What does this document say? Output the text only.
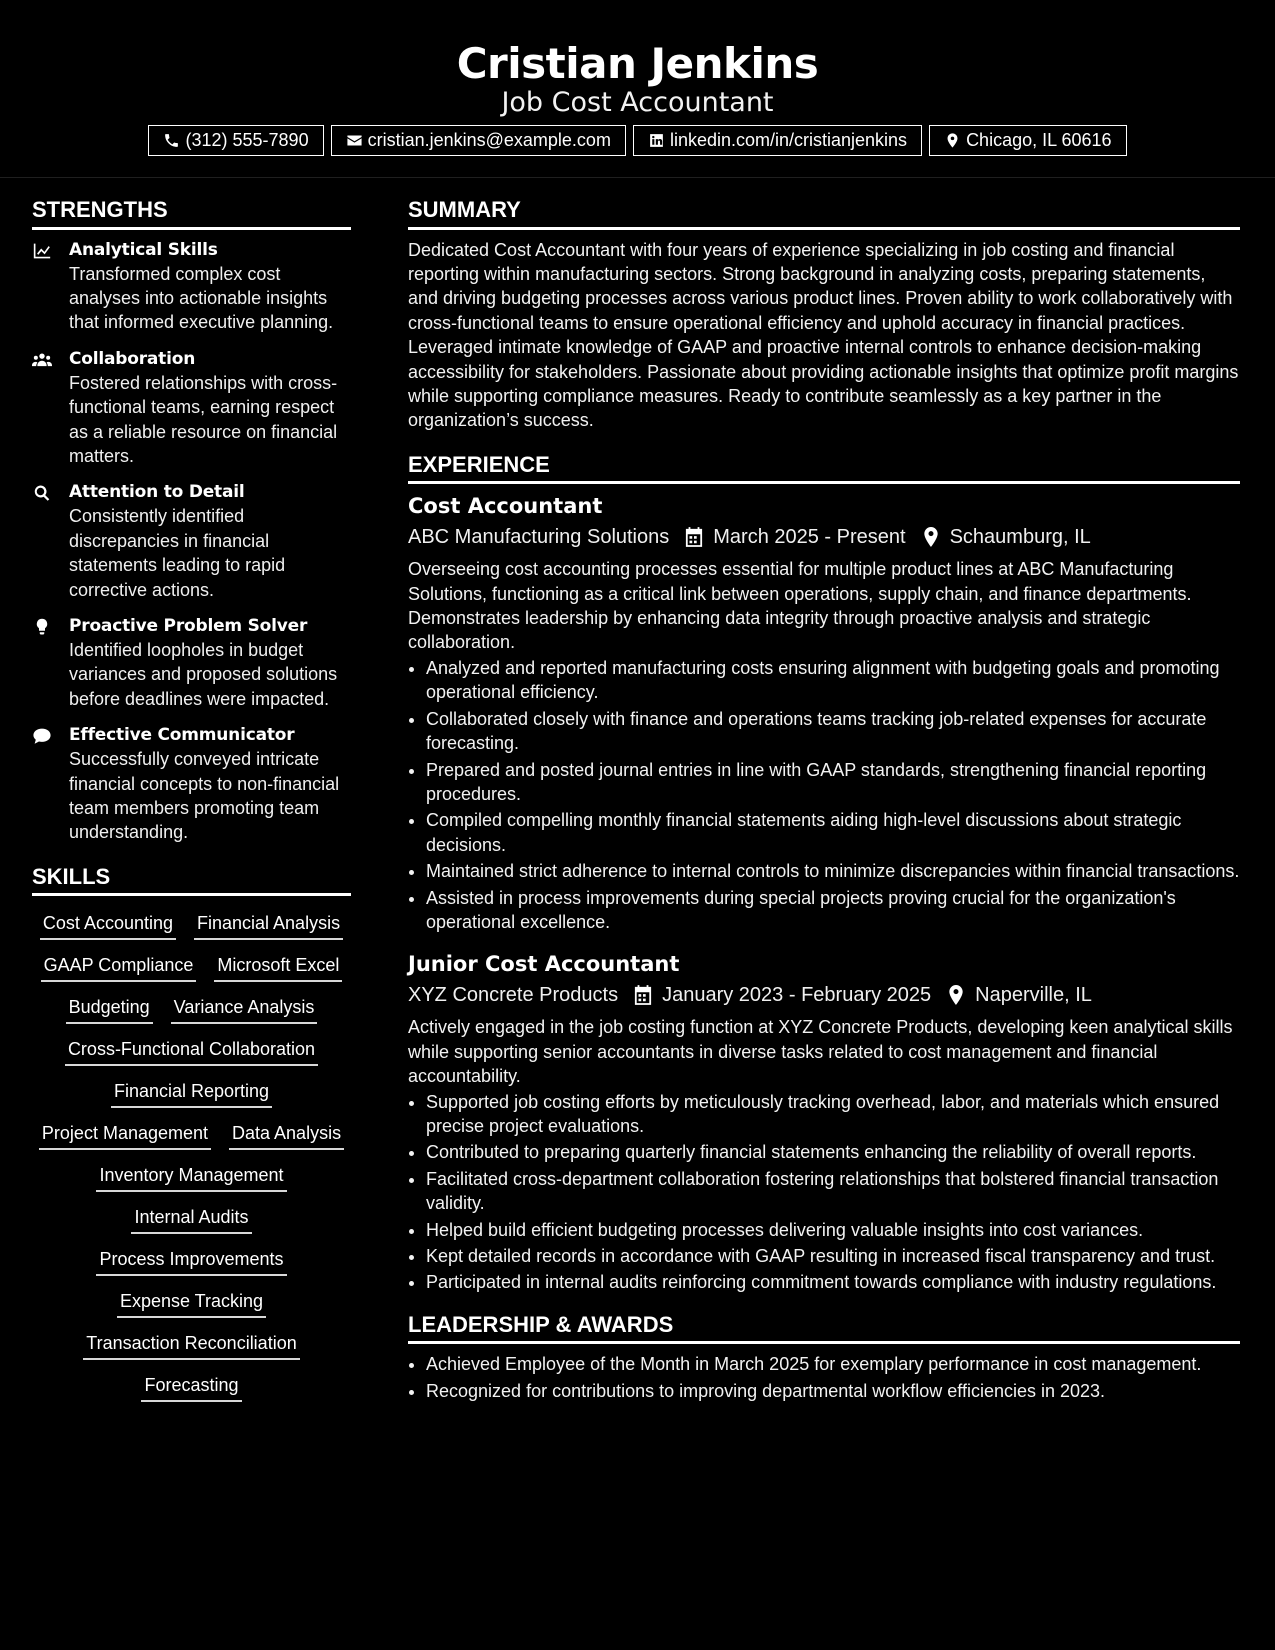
Cristian Jenkins
Job Cost Accountant
(312) 555-7890	cristian.jenkins@example.com	linkedin.com/in/cristianjenkins	Chicago, IL 60616
STRENGTHS
Analytical Skills
Transformed complex cost analyses into actionable insights that informed executive planning.
Collaboration
Fostered relationships with cross-functional teams, earning respect as a reliable resource on financial matters.
Attention to Detail
Consistently identified discrepancies in financial statements leading to rapid corrective actions.
Proactive Problem Solver
Identified loopholes in budget variances and proposed solutions before deadlines were impacted.
Effective Communicator
Successfully conveyed intricate financial concepts to non-financial team members promoting team understanding.
SKILLS
Cost Accounting Financial Analysis
GAAP Compliance Microsoft Excel
Budgeting Variance Analysis
Cross-Functional Collaboration
Financial Reporting
Project Management Data Analysis
Inventory Management
Internal Audits
Process Improvements
Expense Tracking
Transaction Reconciliation
Forecasting
SUMMARY
Dedicated Cost Accountant with four years of experience specializing in job costing and financial reporting within manufacturing sectors. Strong background in analyzing costs, preparing statements, and driving budgeting processes across various product lines. Proven ability to work collaboratively with cross-functional teams to ensure operational efficiency and uphold accuracy in financial practices. Leveraged intimate knowledge of GAAP and proactive internal controls to enhance decision-making accessibility for stakeholders. Passionate about providing actionable insights that optimize profit margins while supporting compliance measures. Ready to contribute seamlessly as a key partner in the organization’s success.
EXPERIENCE
Cost Accountant
ABC Manufacturing Solutions March 2025 - Present Schaumburg, IL
Overseeing cost accounting processes essential for multiple product lines at ABC Manufacturing Solutions, functioning as a critical link between operations, supply chain, and finance departments. Demonstrates leadership by enhancing data integrity through proactive analysis and strategic collaboration.
• Analyzed and reported manufacturing costs ensuring alignment with budgeting goals and promoting operational efficiency.
• Collaborated closely with finance and operations teams tracking job-related expenses for accurate forecasting.
• Prepared and posted journal entries in line with GAAP standards, strengthening financial reporting procedures.
• Compiled compelling monthly financial statements aiding high-level discussions about strategic decisions.
• Maintained strict adherence to internal controls to minimize discrepancies within financial transactions.
• Assisted in process improvements during special projects proving crucial for the organization's operational excellence.
Junior Cost Accountant
XYZ Concrete Products January 2023 - February 2025 Naperville, IL
Actively engaged in the job costing function at XYZ Concrete Products, developing keen analytical skills while supporting senior accountants in diverse tasks related to cost management and financial accountability.
• Supported job costing efforts by meticulously tracking overhead, labor, and materials which ensured precise project evaluations.
• Contributed to preparing quarterly financial statements enhancing the reliability of overall reports.
• Facilitated cross-department collaboration fostering relationships that bolstered financial transaction validity.
• Helped build efficient budgeting processes delivering valuable insights into cost variances.
• Kept detailed records in accordance with GAAP resulting in increased fiscal transparency and trust.
• Participated in internal audits reinforcing commitment towards compliance with industry regulations.
LEADERSHIP & AWARDS
• Achieved Employee of the Month in March 2025 for exemplary performance in cost management.
• Recognized for contributions to improving departmental workflow efficiencies in 2023.
